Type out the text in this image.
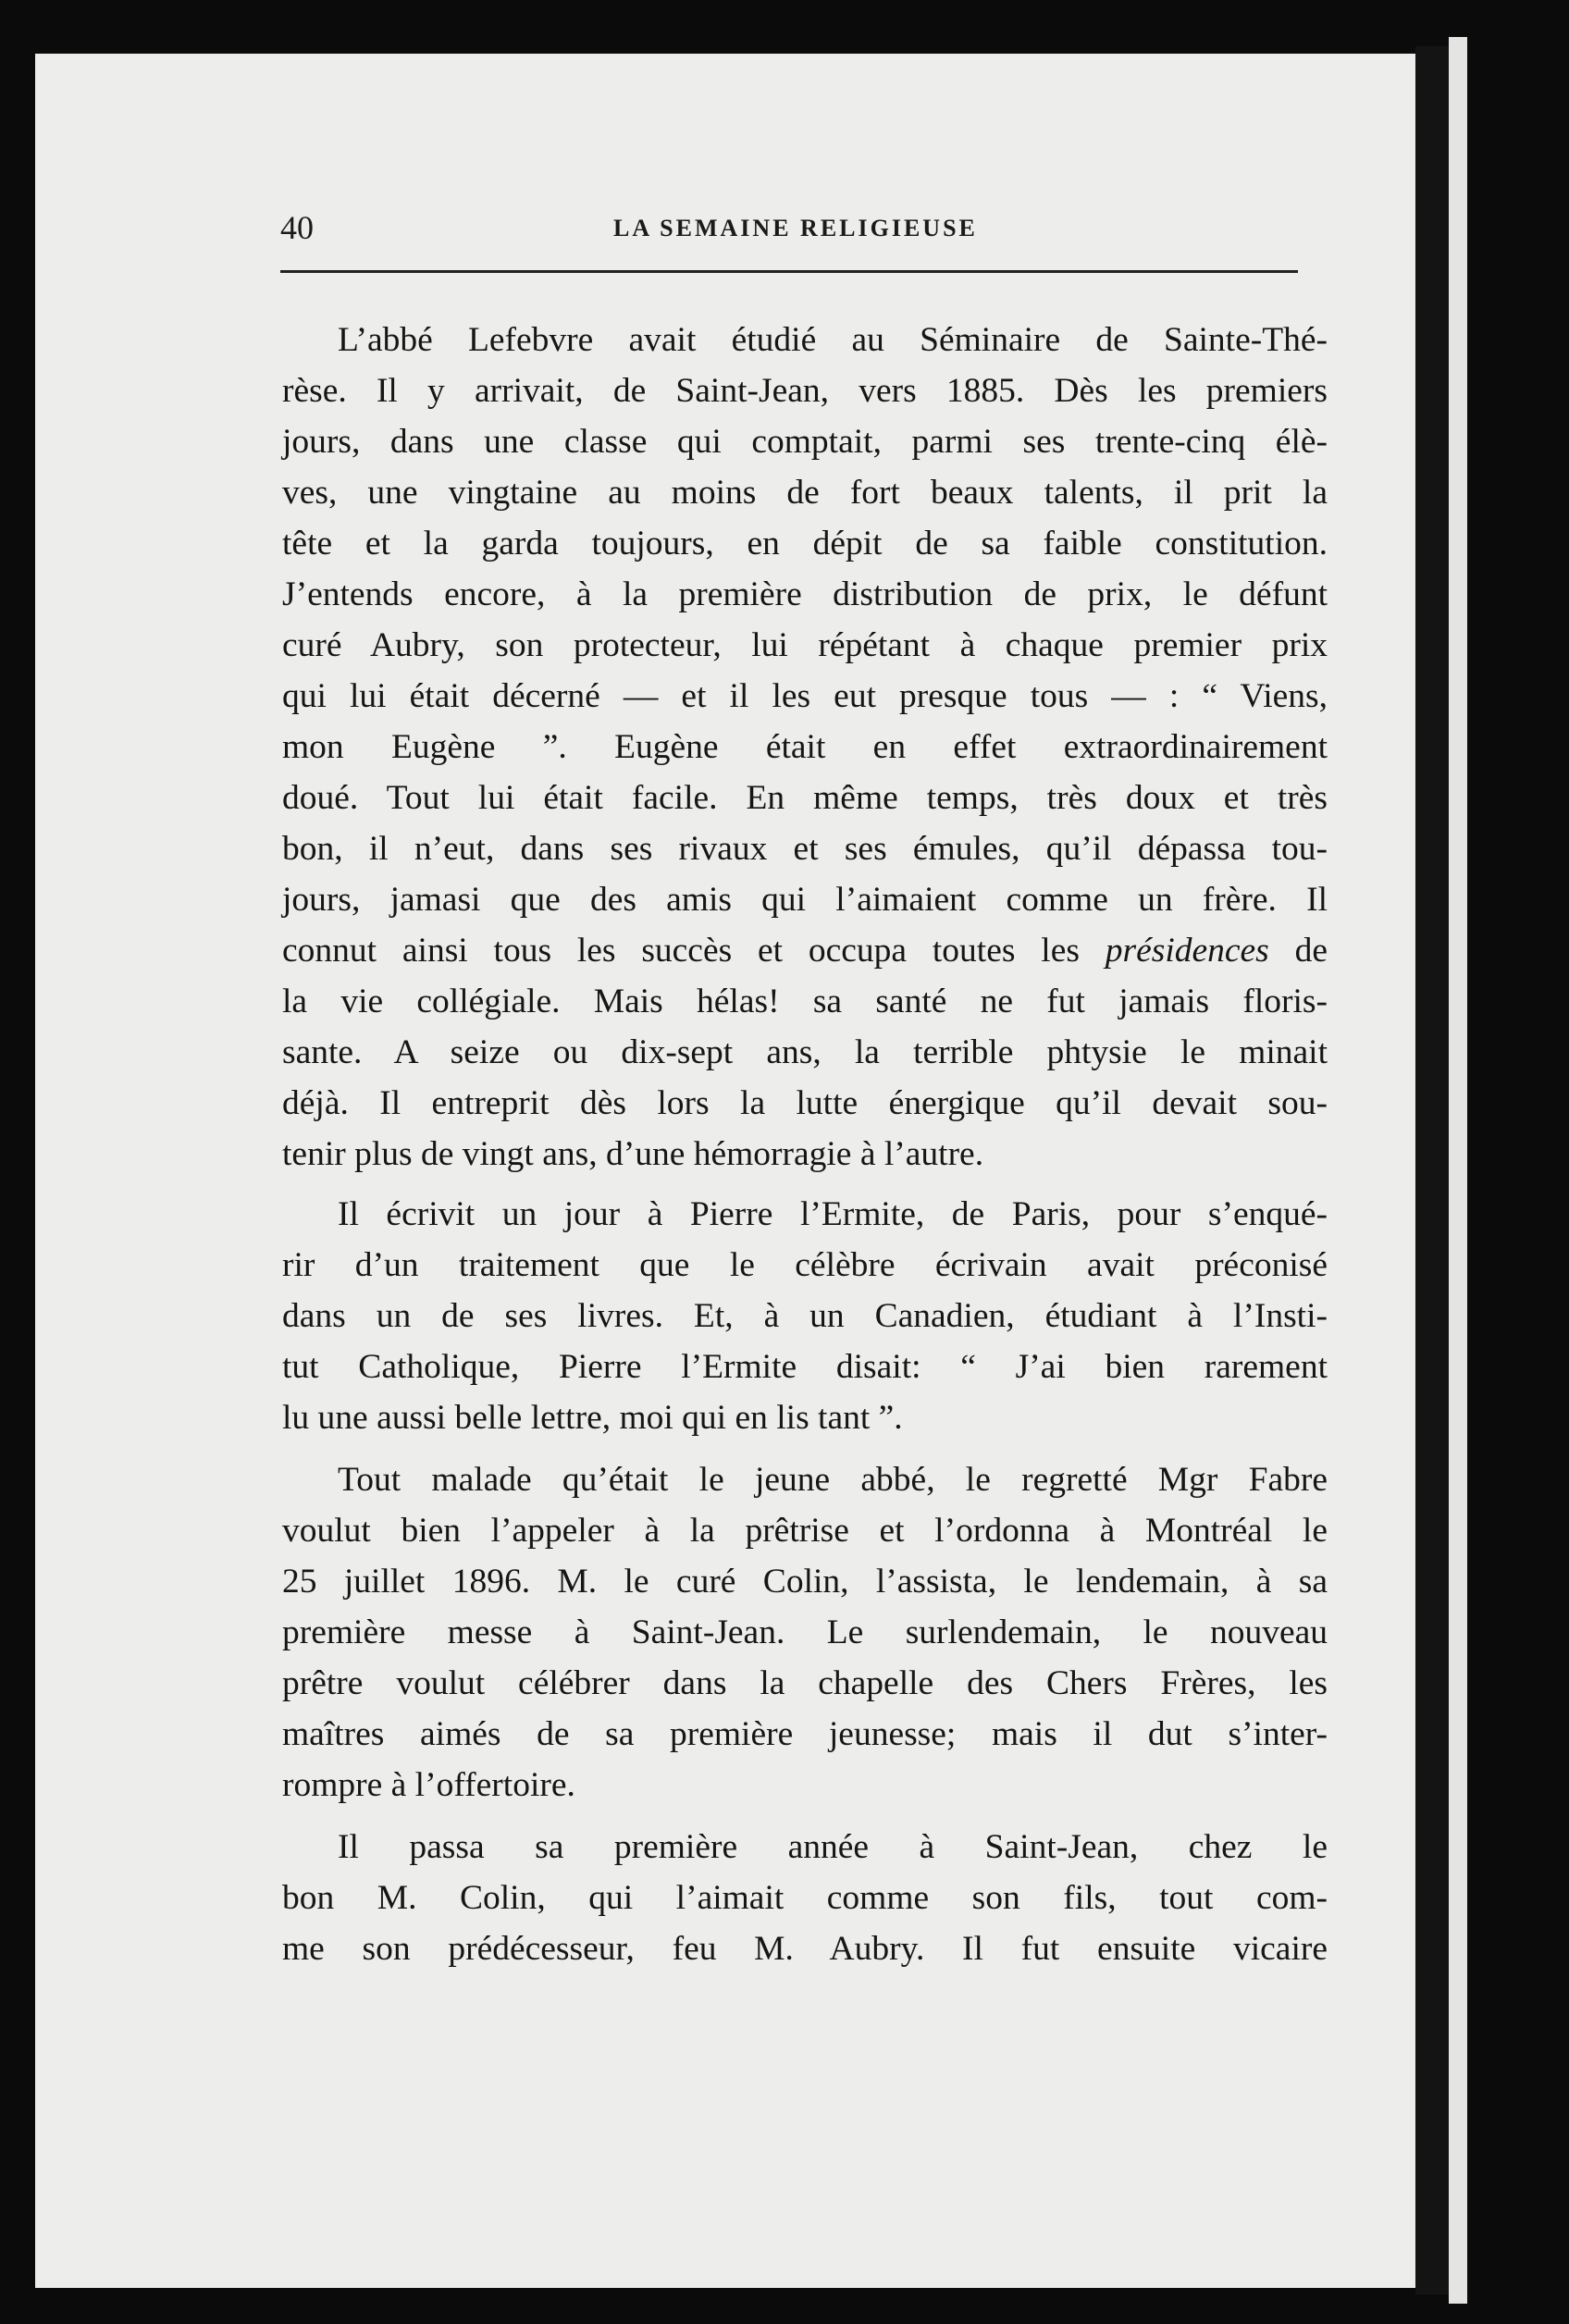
40	LA SEMAINE RELIGIEUSE
L’abbé Lefebvre avait étudié au Séminaire de Sainte-Thé-
rèse. Il y arrivait, de Saint-Jean, vers 1885. Dès les premiers
jours, dans une classe qui comptait, parmi ses trente-cinq élè-
ves, une vingtaine au moins de fort beaux talents, il prit la
tête et la garda toujours, en dépit de sa faible constitution.
J’entends encore, à la première distribution de prix, le défunt
curé Aubry, son protecteur, lui répétant à chaque premier prix
qui lui était décerné — et il les eut presque tous — : “ Viens,
mon Eugène ”. Eugène était en effet extraordinairement
doué. Tout lui était facile. En même temps, très doux et très
bon, il n’eut, dans ses rivaux et ses émules, qu’il dépassa tou-
jours, jamasi que des amis qui l’aimaient comme un frère. Il
connut ainsi tous les succès et occupa toutes les présidences de
la vie collégiale. Mais hélas! sa santé ne fut jamais floris-
sante. A seize ou dix-sept ans, la terrible phtysie le minait
déjà. Il entreprit dès lors la lutte énergique qu’il devait sou-
tenir plus de vingt ans, d’une hémorragie à l’autre.
Il écrivit un jour à Pierre l’Ermite, de Paris, pour s’enqué-
rir d’un traitement que le célèbre écrivain avait préconisé
dans un de ses livres. Et, à un Canadien, étudiant à l’Insti-
tut Catholique, Pierre l’Ermite disait: “ J’ai bien rarement
lu une aussi belle lettre, moi qui en lis tant ”.
Tout malade qu’était le jeune abbé, le regretté Mgr Fabre
voulut bien l’appeler à la prêtrise et l’ordonna à Montréal le
25 juillet 1896. M. le curé Colin, l’assista, le lendemain, à sa
première messe à Saint-Jean. Le surlendemain, le nouveau
prêtre voulut célébrer dans la chapelle des Chers Frères, les
maîtres aimés de sa première jeunesse; mais il dut s’inter-
rompre à l’offertoire.
Il passa sa première année à Saint-Jean, chez le
bon M. Colin, qui l’aimait comme son fils, tout com-
me son prédécesseur, feu M. Aubry. Il fut ensuite vicaire
